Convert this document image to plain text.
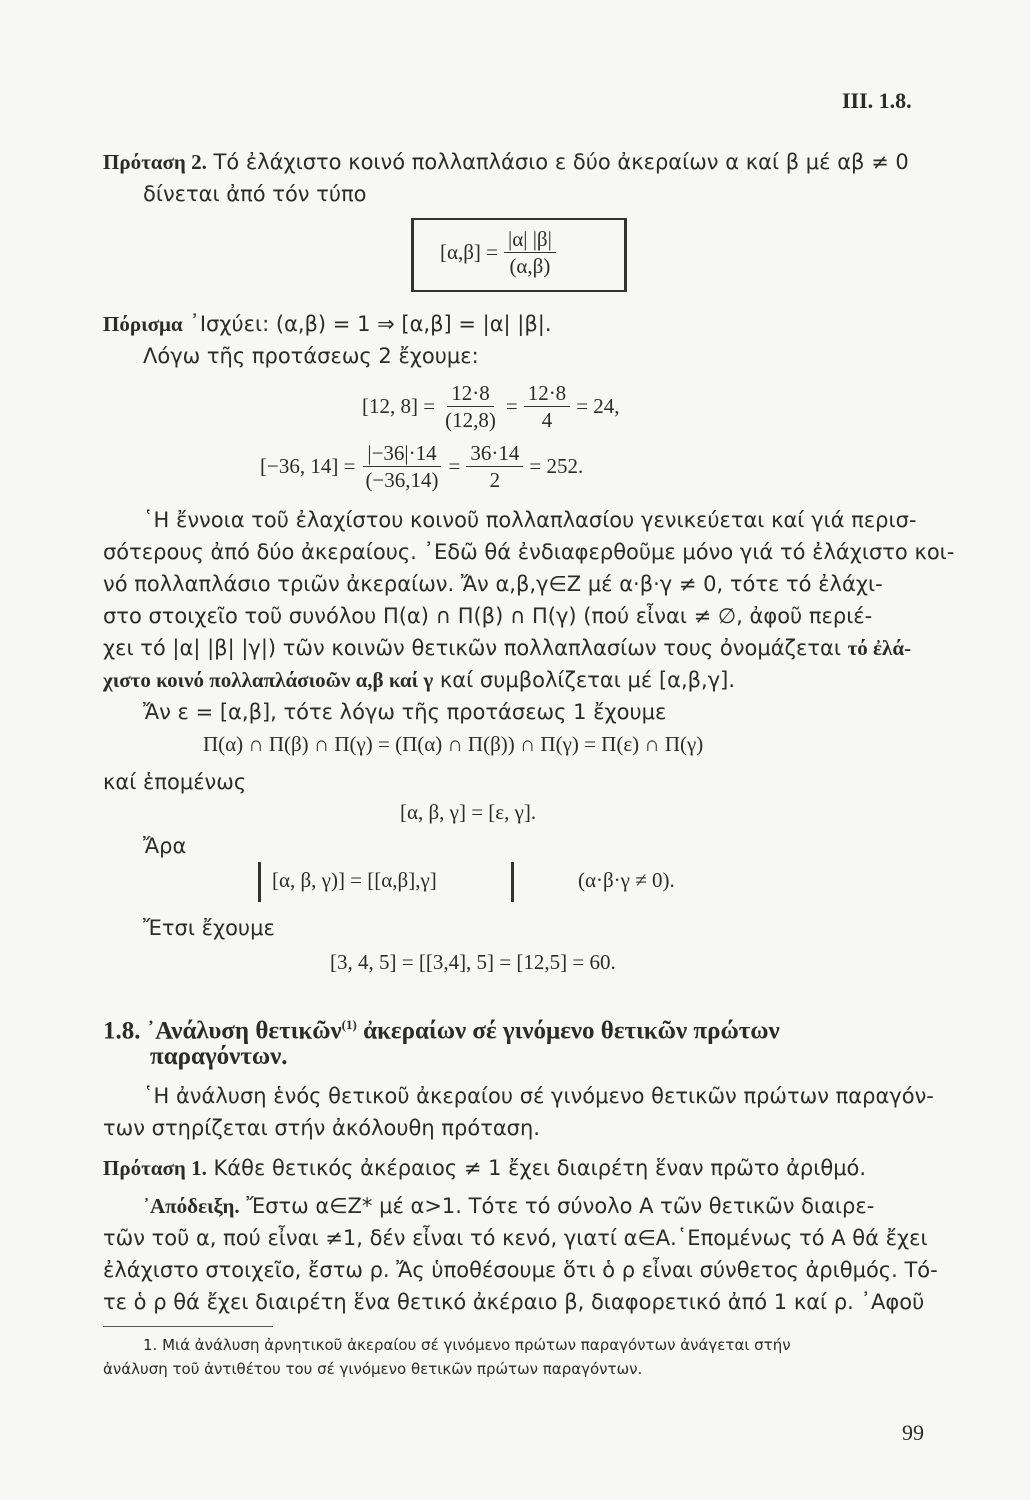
III. 1.8.
Πρόταση 2. Τό ἐλάχιστο κοινό πολλαπλάσιο ε δύο ἀκεραίων α καί β μέ αβ ≠ 0
δίνεται ἀπό τόν τύπο
$[\alpha,\beta] = \frac{|\alpha| |\beta|}{(\alpha,\beta)}$
Πόρισμα ᾿Ισχύει: (α,β) = 1 ⇒ [α,β] = |α| |β|.
Λόγω τῆς προτάσεως 2 ἔχουμε:
[12, $8] = \frac{12\cdot 8}{(12,8)} = \frac{12\cdot 8}{4} = 24$,
[−36, $14] = \frac{|-36|\cdot 14}{(-36,14)} = \frac{36\cdot 14}{2} = 252$.
῾Η ἔννοια τοῦ ἐλαχίστου κοινοῦ πολλαπλασίου γενικεύεται καί γιά περισ-
σότερους ἀπό δύο ἀκεραίους. ᾿Εδῶ θά ἐνδιαφερθοῦμε μόνο γιά τό ἐλάχιστο κοι-
νό πολλαπλάσιο τριῶν ἀκεραίων. Ἄν α,β,γ∈Z μέ α·β·γ ≠ 0, τότε τό ἐλάχι-
στο στοιχεῖο τοῦ συνόλου Π(α) ∩ Π(β) ∩ Π(γ) (πού εἶναι ≠ ∅, ἀφοῦ περιέ-
χει τό |α| |β| |γ|) τῶν κοινῶν θετικῶν πολλαπλασίων τους ὀνομάζεται τό ἐλά-
χιστο κοινό πολλαπλάσιοῶν α,β καί γ καί συμβολίζεται μέ [α,β,γ].
Ἄν ε = [α,β], τότε λόγω τῆς προτάσεως 1 ἔχουμε
Π(α) ∩ Π(β) ∩ Π(γ) = (Π(α) ∩ Π(β)) ∩ Π(γ) = Π(ε) ∩ Π(γ)
καί ἑπομένως
[α, β, γ] = [ε, γ].
Ἄρα
[α, β, γ)] = [[α,β],γ]	(α·β·γ ≠ 0).
Ἔτσι ἔχουμε
[3, 4, 5] = [[3,4], 5] = [12,5] = 60.
1.8. ᾿Ανάλυση θετικῶν$^{(1)}$ ἀκεραίων σέ γινόμενο θετικῶν πρώτων
παραγόντων.
῾Η ἀνάλυση ἑνός θετικοῦ ἀκεραίου σέ γινόμενο θετικῶν πρώτων παραγόν-
των στηρίζεται στήν ἀκόλουθη πρόταση.
Πρόταση 1. Κάθε θετικός ἀκέραιος ≠ 1 ἔχει διαιρέτη ἕναν πρῶτο ἀριθμό.
᾿Απόδειξη. Ἔστω α∈Z* μέ α>1. Τότε τό σύνολο Α τῶν θετικῶν διαιρε-
τῶν τοῦ α, πού εἶναι ≠1, δέν εἶναι τό κενό, γιατί α∈Α.῾Επομένως τό Α θά ἔχει
ἐλάχιστο στοιχεῖο, ἔστω ρ. Ἄς ὑποθέσουμε ὅτι ὁ ρ εἶναι σύνθετος ἀριθμός. Τό-
τε ὁ ρ θά ἔχει διαιρέτη ἕνα θετικό ἀκέραιο β, διαφορετικό ἀπό 1 καί ρ. ᾿Αφοῦ
1. Μιά ἀνάλυση ἀρνητικοῦ ἀκεραίου σέ γινόμενο πρώτων παραγόντων ἀνάγεται στήν
ἀνάλυση τοῦ ἀντιθέτου του σέ γινόμενο θετικῶν πρώτων παραγόντων.
99
